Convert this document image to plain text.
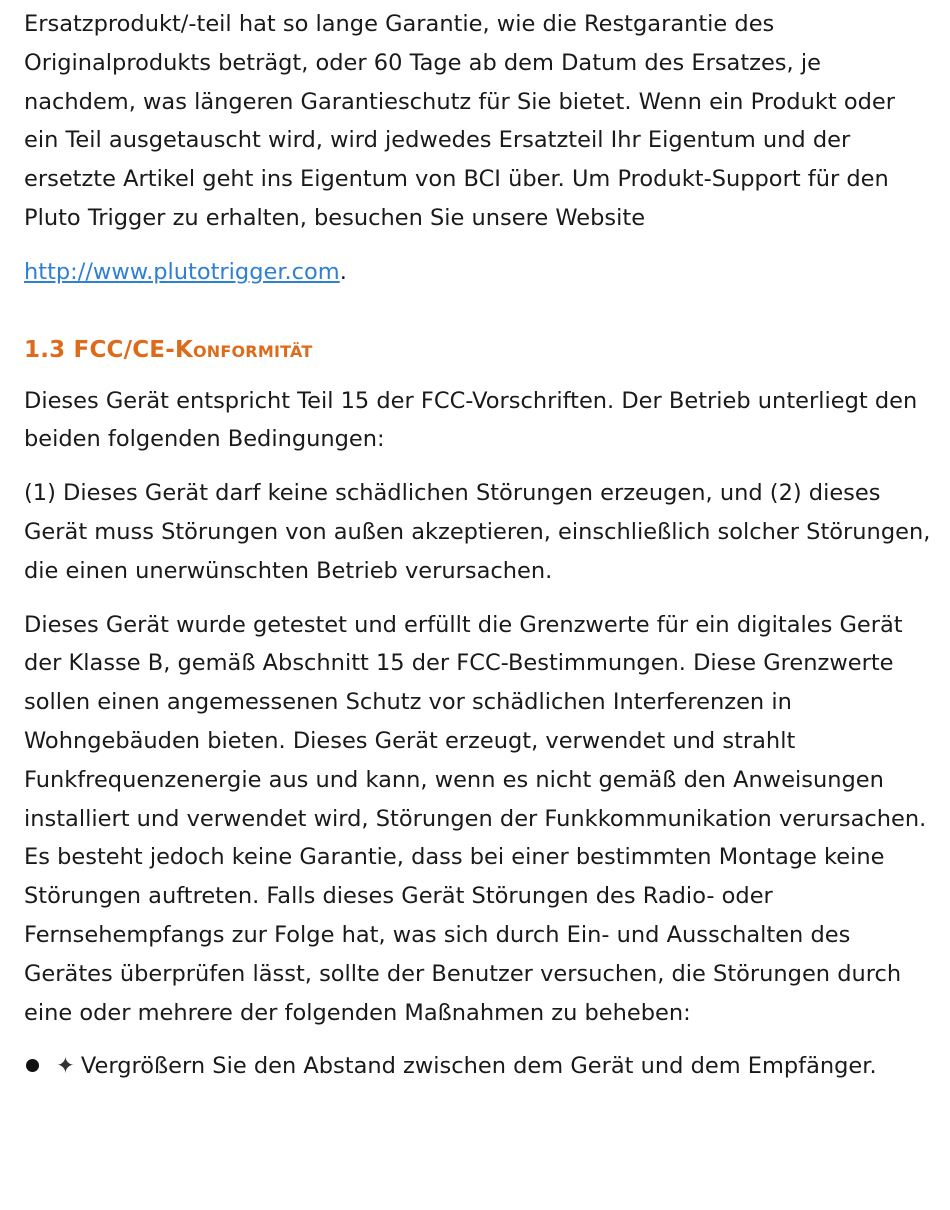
Ersatzprodukt/-teil hat so lange Garantie, wie die Restgarantie des Originalprodukts beträgt, oder 60 Tage ab dem Datum des Ersatzes, je nachdem, was längeren Garantieschutz für Sie bietet. Wenn ein Produkt oder ein Teil ausgetauscht wird, wird jedwedes Ersatzteil Ihr Eigentum und der ersetzte Artikel geht ins Eigentum von BCI über. Um Produkt-Support für den Pluto Trigger zu erhalten, besuchen Sie unsere Website

http://www.plutotrigger.com.

1.3 FCC/CE-Konformität

Dieses Gerät entspricht Teil 15 der FCC-Vorschriften. Der Betrieb unterliegt den beiden folgenden Bedingungen:

(1) Dieses Gerät darf keine schädlichen Störungen erzeugen, und (2) dieses Gerät muss Störungen von außen akzeptieren, einschließlich solcher Störungen, die einen unerwünschten Betrieb verursachen.

Dieses Gerät wurde getestet und erfüllt die Grenzwerte für ein digitales Gerät der Klasse B, gemäß Abschnitt 15 der FCC-Bestimmungen. Diese Grenzwerte sollen einen angemessenen Schutz vor schädlichen Interferenzen in Wohngebäuden bieten. Dieses Gerät erzeugt, verwendet und strahlt Funkfrequenzenergie aus und kann, wenn es nicht gemäß den Anweisungen installiert und verwendet wird, Störungen der Funkkommunikation verursachen. Es besteht jedoch keine Garantie, dass bei einer bestimmten Montage keine Störungen auftreten. Falls dieses Gerät Störungen des Radio- oder Fernsehempfangs zur Folge hat, was sich durch Ein- und Ausschalten des Gerätes überprüfen lässt, sollte der Benutzer versuchen, die Störungen durch eine oder mehrere der folgenden Maßnahmen zu beheben:

✦ Vergrößern Sie den Abstand zwischen dem Gerät und dem Empfänger.
